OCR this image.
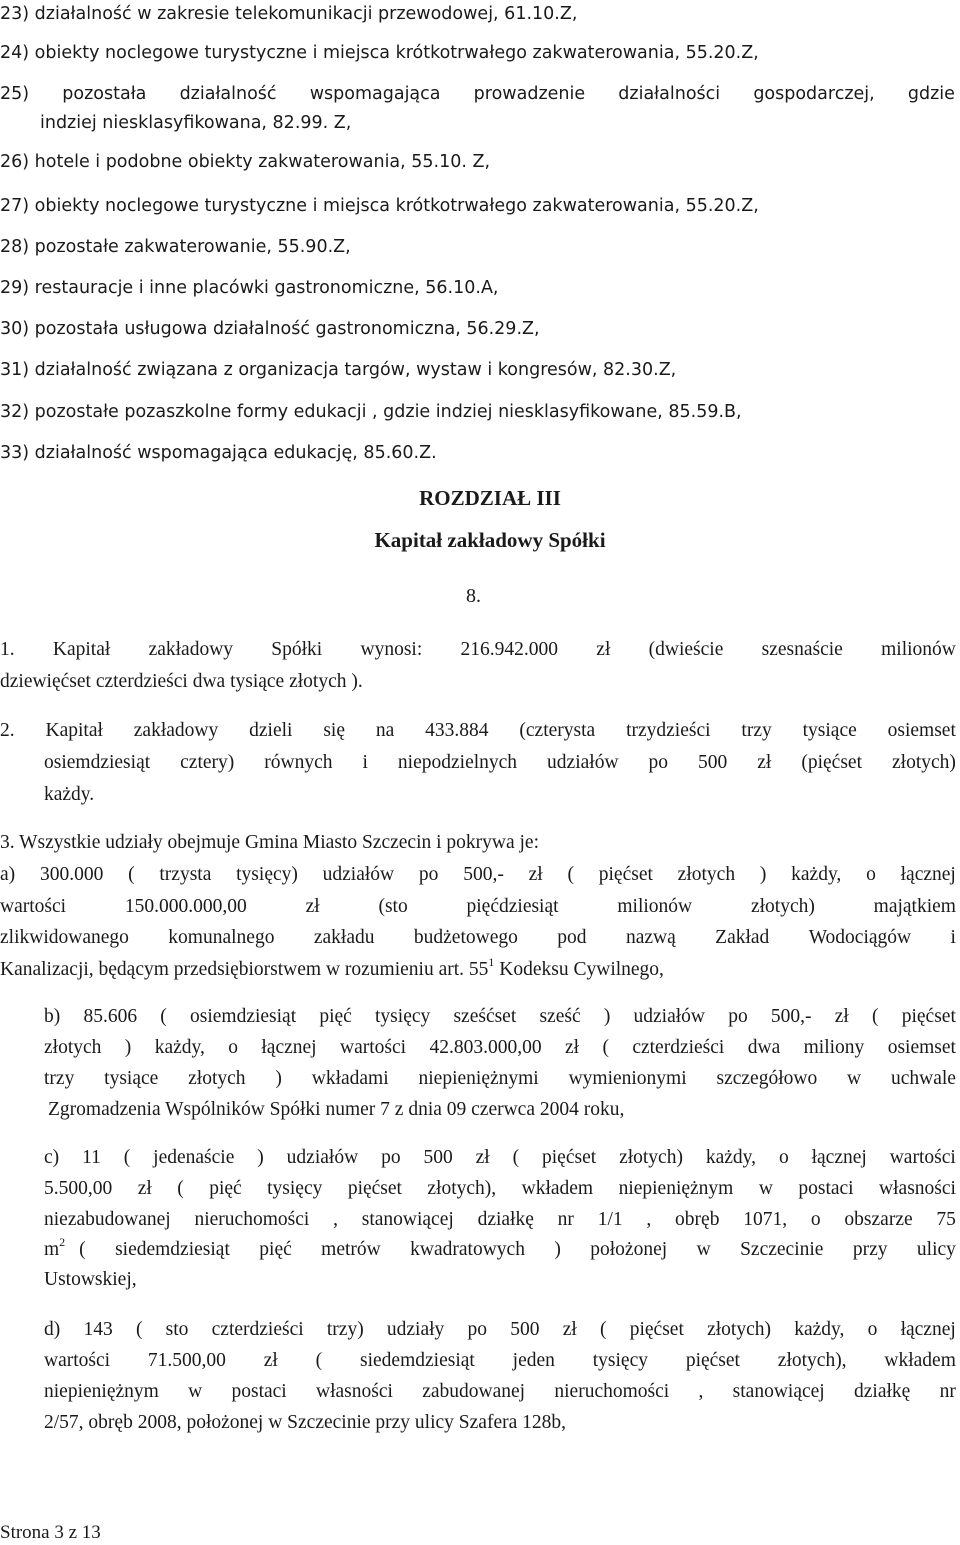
23) działalność w zakresie telekomunikacji przewodowej, 61.10.Z,
24) obiekty noclegowe turystyczne i miejsca krótkotrwałego zakwaterowania, 55.20.Z,
25) pozostała działalność wspomagająca prowadzenie działalności gospodarczej, gdzie
indziej niesklasyfikowana, 82.99. Z,
26) hotele i podobne obiekty zakwaterowania, 55.10. Z,
27) obiekty noclegowe turystyczne i miejsca krótkotrwałego zakwaterowania, 55.20.Z,
28) pozostałe zakwaterowanie, 55.90.Z,
29) restauracje i inne placówki gastronomiczne, 56.10.A,
30) pozostała usługowa działalność gastronomiczna, 56.29.Z,
31) działalność związana z organizacja targów, wystaw i kongresów, 82.30.Z,
32) pozostałe pozaszkolne formy edukacji , gdzie indziej niesklasyfikowane, 85.59.B,
33) działalność wspomagająca edukację, 85.60.Z.
ROZDZIAŁ III
Kapitał zakładowy Spółki
8.
1. Kapitał zakładowy Spółki wynosi: 216.942.000 zł (dwieście szesnaście milionów
dziewięćset czterdzieści dwa tysiące złotych ).
2. Kapitał zakładowy dzieli się na 433.884 (czterysta trzydzieści trzy tysiące osiemset
osiemdziesiąt cztery) równych i niepodzielnych udziałów po 500 zł (pięćset złotych)
każdy.
3. Wszystkie udziały obejmuje Gmina Miasto Szczecin i pokrywa je:
a) 300.000 ( trzysta tysięcy) udziałów po 500,- zł ( pięćset złotych ) każdy, o łącznej
wartości	150.000.000,00	zł	(sto	pięćdziesiąt	milionów	złotych)	majątkiem
zlikwidowanego komunalnego zakładu budżetowego pod nazwą Zakład Wodociągów i
Kanalizacji, będącym przedsiębiorstwem w rozumieniu art. $55^1$ Kodeksu Cywilnego,
b) 85.606 ( osiemdziesiąt pięć tysięcy sześćset sześć ) udziałów po 500,- zł ( pięćset
złotych ) każdy, o łącznej wartości 42.803.000,00 zł ( czterdzieści dwa miliony osiemset
trzy tysiące złotych ) wkładami niepieniężnymi wymienionymi szczegółowo w uchwale
Zgromadzenia Wspólników Spółki numer 7 z dnia 09 czerwca 2004 roku,
c) 11 ( jedenaście ) udziałów po 500 zł ( pięćset złotych) każdy, o łącznej wartości
5.500,00 zł ( pięć tysięcy pięćset złotych), wkładem niepieniężnym w postaci własności
niezabudowanej nieruchomości , stanowiącej działkę nr 1/1 , obręb 1071, o obszarze 75
$m^2$ ( siedemdziesiąt pięć metrów kwadratowych ) położonej w Szczecinie przy ulicy
Ustowskiej,
d) 143 ( sto czterdzieści trzy) udziały po 500 zł ( pięćset złotych) każdy, o łącznej
wartości 71.500,00 zł ( siedemdziesiąt jeden tysięcy pięćset złotych), wkładem
niepieniężnym w postaci własności zabudowanej nieruchomości , stanowiącej działkę nr
2/57, obręb 2008, położonej w Szczecinie przy ulicy Szafera 128b,
Strona 3 z 13
